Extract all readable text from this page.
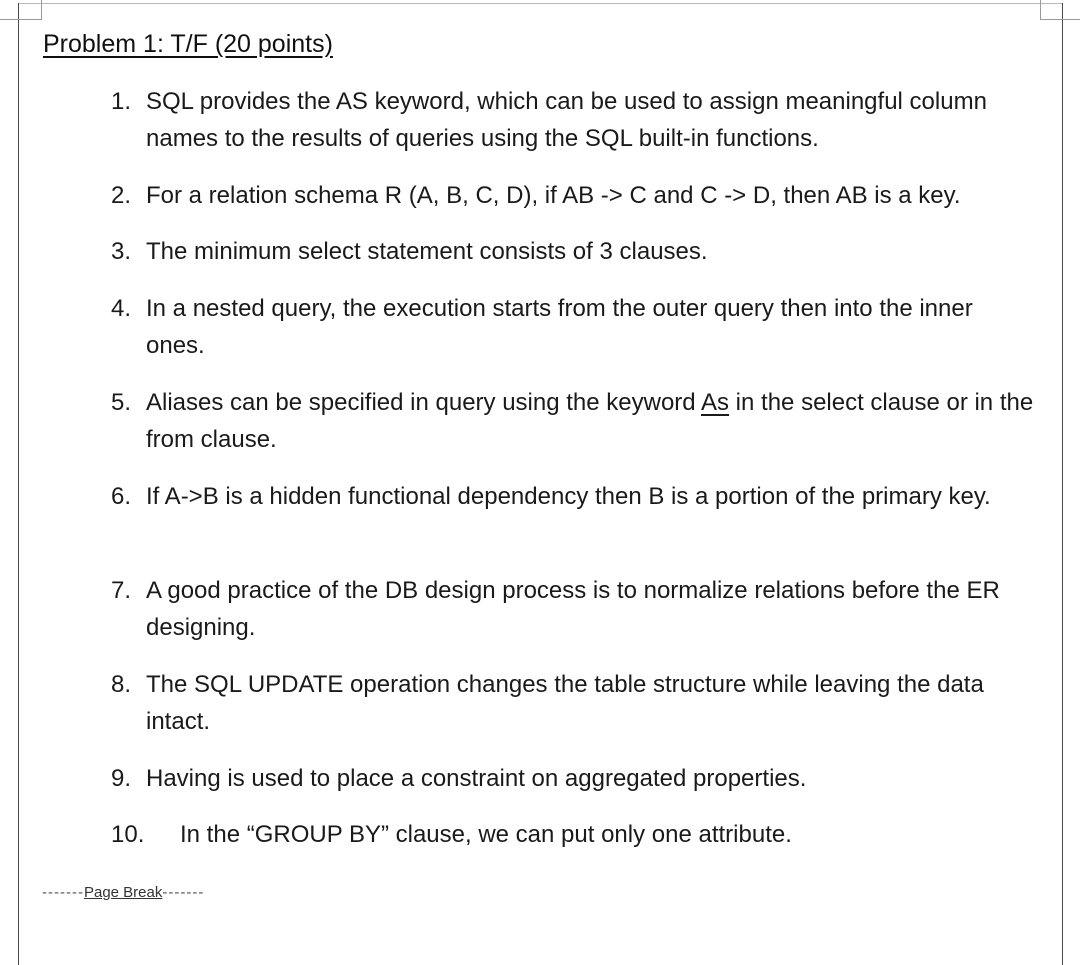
Problem 1: T/F (20 points)
1. SQL provides the AS keyword, which can be used to assign meaningful column names to the results of queries using the SQL built-in functions.
2. For a relation schema R (A, B, C, D), if AB -> C and C -> D, then AB is a key.
3. The minimum select statement consists of 3 clauses.
4. In a nested query, the execution starts from the outer query then into the inner ones.
5. Aliases can be specified in query using the keyword As in the select clause or in the from clause.
6. If A->B is a hidden functional dependency then B is a portion of the primary key.
7. A good practice of the DB design process is to normalize relations before the ER designing.
8. The SQL UPDATE operation changes the table structure while leaving the data intact.
9. Having is used to place a constraint on aggregated properties.
10. In the “GROUP BY” clause, we can put only one attribute.
-------Page Break-------
